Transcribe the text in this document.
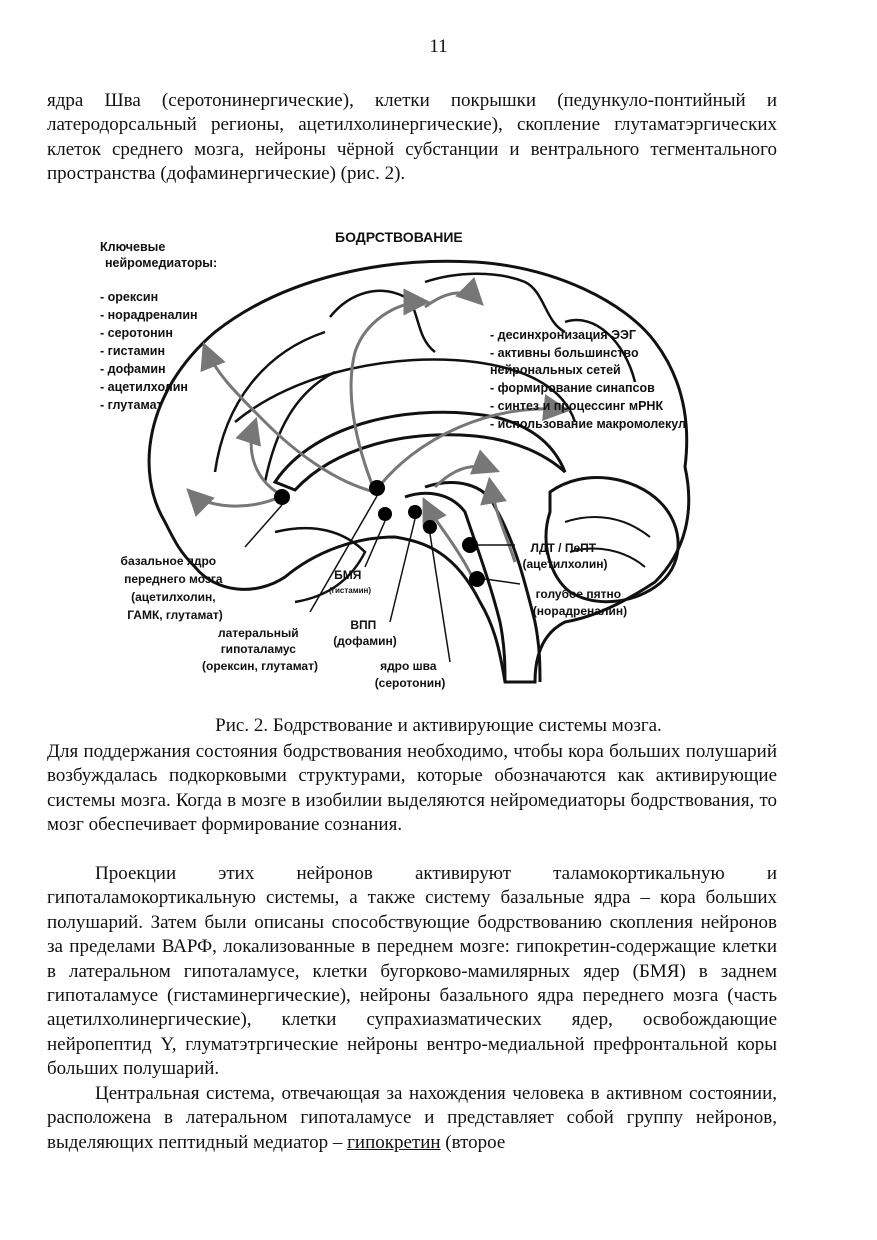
11

ядра Шва (серотонинергические), клетки покрышки (педункуло-понтийный и латеродорсальный регионы, ацетилхолинергические), скопление глутаматэргических клеток среднего мозга, нейроны чёрной субстанции и вентрального тегментального пространства (дофаминергические) (рис. 2).

БОДРСТВОВАНИЕ
Ключевые нейромедиаторы:
- орексин - норадреналин - серотонин - гистамин - дофамин - ацетилхолин - глутамат
- десинхронизация ЭЭГ - активны большинство нейрональных сетей - формирование синапсов - синтез и процессинг мРНК - использование макромолекул
базальное ядро переднего мозга (ацетилхолин, ГАМК, глутамат)
латеральный гипоталамус (орексин, глутамат)
БМЯ (гистамин)
ВПП (дофамин)
ядро шва (серотонин)
ЛДТ / ПеПТ (ацетилхолин)
голубое пятно (норадреналин)
Рис. 2. Бодрствование и активирующие системы мозга.

Для поддержания состояния бодрствования необходимо, чтобы кора больших полушарий возбуждалась подкорковыми структурами, которые обозначаются как активирующие системы мозга. Когда в мозге в изобилии выделяются нейромедиаторы бодрствования, то мозг обеспечивает формирование сознания.

Проекции этих нейронов активируют таламокортикальную и гипоталамокортикальную системы, а также систему базальные ядра – кора больших полушарий. Затем были описаны способствующие бодрствованию скопления нейронов за пределами ВАРФ, локализованные в переднем мозге: гипокретин-содержащие клетки в латеральном гипоталамусе, клетки бугорково-мамилярных ядер (БМЯ) в заднем гипоталамусе (гистаминергические), нейроны базального ядра переднего мозга (часть ацетилхолинергические), клетки супрахиазматических ядер, освобождающие нейропептид Y, глуматэтргические нейроны вентро-медиальной префронтальной коры больших полушарий.

Центральная система, отвечающая за нахождения человека в активном состоянии, расположена в латеральном гипоталамусе и представляет собой группу нейронов, выделяющих пептидный медиатор – гипокретин (второе
